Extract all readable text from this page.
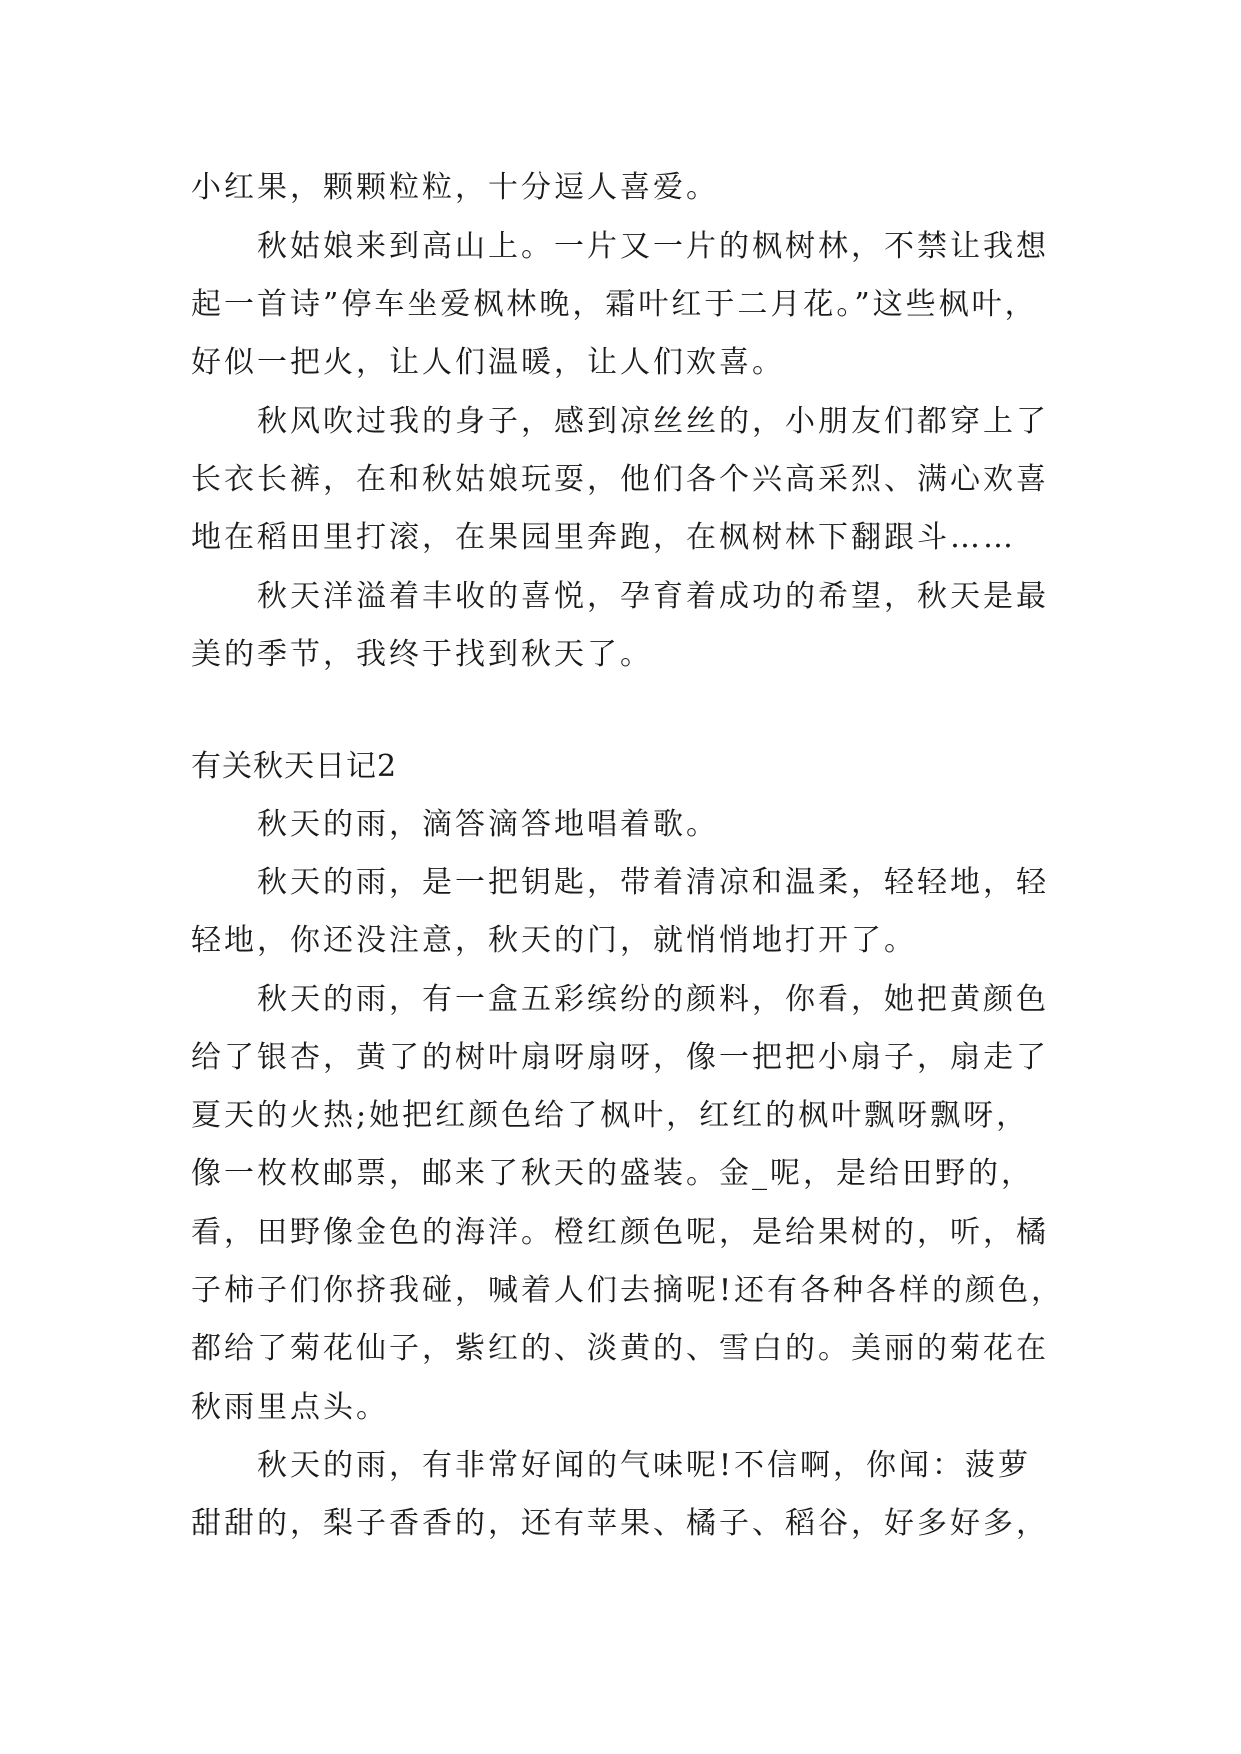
小红果，颗颗粒粒，十分逗人喜爱。
秋姑娘来到高山上。一片又一片的枫树林，不禁让我想
起一首诗”停车坐爱枫林晚，霜叶红于二月花。”这些枫叶，
好似一把火，让人们温暖，让人们欢喜。
秋风吹过我的身子，感到凉丝丝的，小朋友们都穿上了
长衣长裤，在和秋姑娘玩耍，他们各个兴高采烈、满心欢喜
地在稻田里打滚，在果园里奔跑，在枫树林下翻跟斗……
秋天洋溢着丰收的喜悦，孕育着成功的希望，秋天是最
美的季节，我终于找到秋天了。
有关秋天日记2
秋天的雨，滴答滴答地唱着歌。
秋天的雨，是一把钥匙，带着清凉和温柔，轻轻地，轻
轻地，你还没注意，秋天的门，就悄悄地打开了。
秋天的雨，有一盒五彩缤纷的颜料，你看，她把黄颜色
给了银杏，黄了的树叶扇呀扇呀，像一把把小扇子，扇走了
夏天的火热;她把红颜色给了枫叶，红红的枫叶飘呀飘呀，
像一枚枚邮票，邮来了秋天的盛装。金_呢，是给田野的，
看，田野像金色的海洋。橙红颜色呢，是给果树的，听，橘
子柿子们你挤我碰，喊着人们去摘呢!还有各种各样的颜色，
都给了菊花仙子，紫红的、淡黄的、雪白的。美丽的菊花在
秋雨里点头。
秋天的雨，有非常好闻的气味呢!不信啊，你闻：菠萝
甜甜的，梨子香香的，还有苹果、橘子、稻谷，好多好多，
